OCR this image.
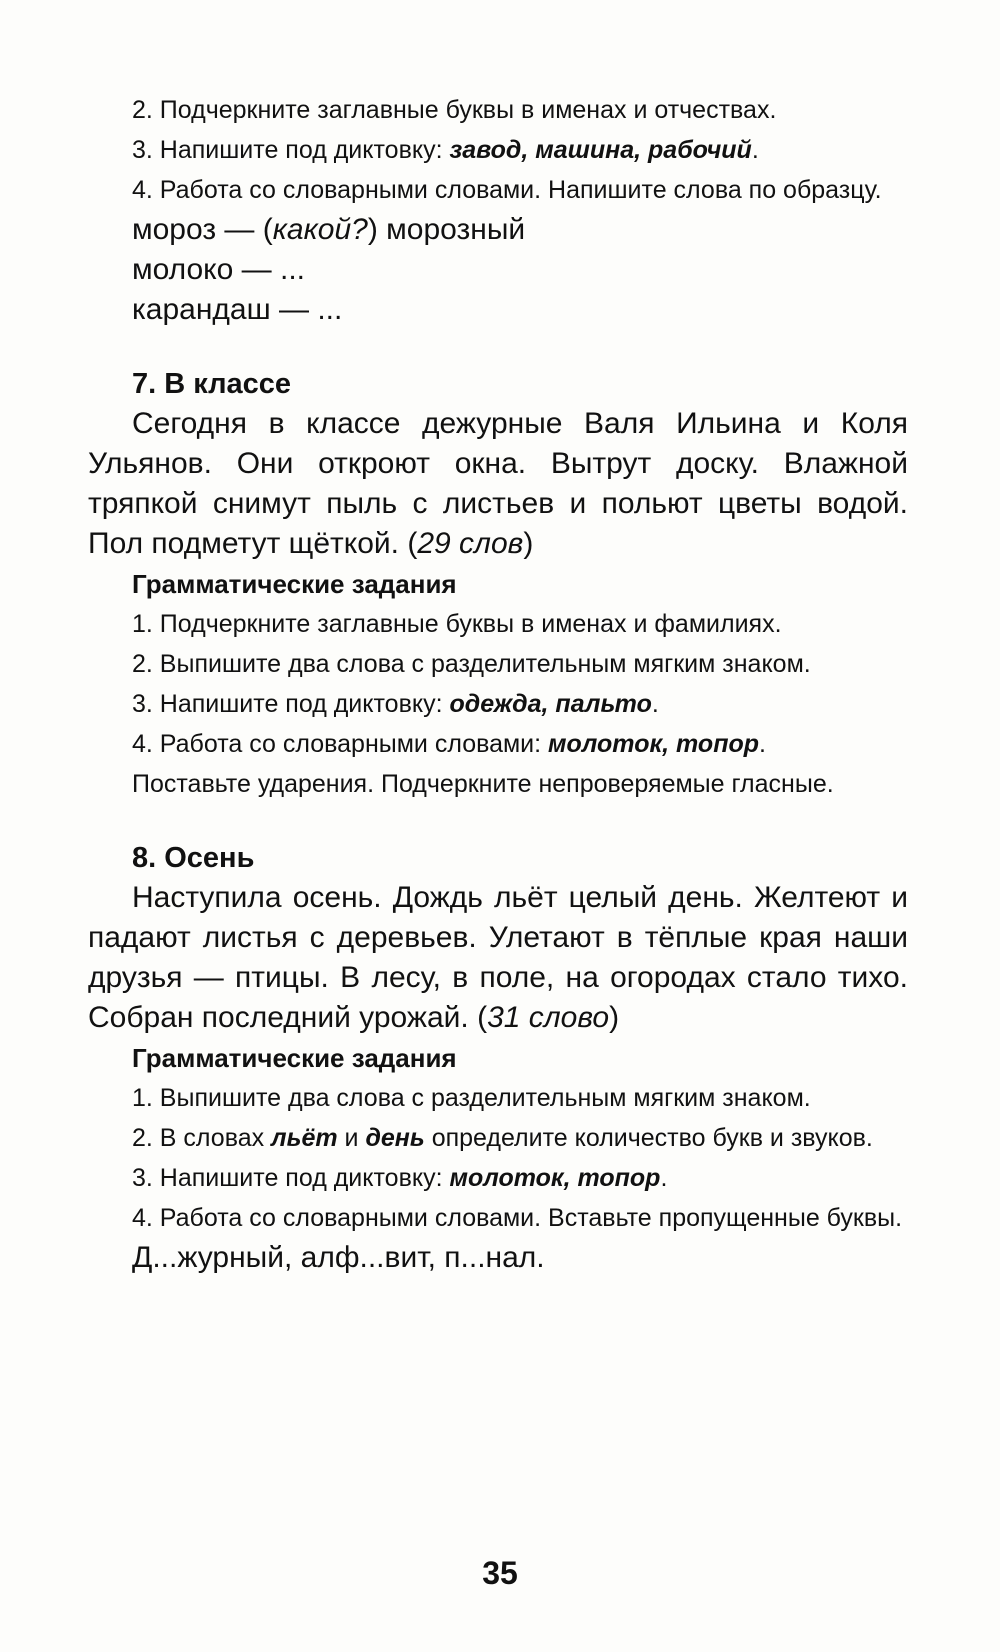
2. Подчеркните заглавные буквы в именах и отчествах.

3. Напишите под диктовку: завод, машина, рабочий.

4. Работа со словарными словами. Напишите слова по образцу.

мороз — (какой?) морозный

молоко — ...

карандаш — ...

7. В классе

Сегодня в классе дежурные Валя Ильина и Коля Ульянов. Они откроют окна. Вытрут доску. Влажной тряпкой снимут пыль с листьев и польют цветы водой. Пол подметут щёткой. (29 слов)

Грамматические задания

1. Подчеркните заглавные буквы в именах и фамилиях.

2. Выпишите два слова с разделительным мягким знаком.

3. Напишите под диктовку: одежда, пальто.

4. Работа со словарными словами: молоток, топор.

Поставьте ударения. Подчеркните непроверяемые гласные.

8. Осень

Наступила осень. Дождь льёт целый день. Желтеют и падают листья с деревьев. Улетают в тёплые края наши друзья — птицы. В лесу, в поле, на огородах стало тихо. Собран последний урожай. (31 слово)

Грамматические задания

1. Выпишите два слова с разделительным мягким знаком.

2. В словах льёт и день определите количество букв и звуков.

3. Напишите под диктовку: молоток, топор.

4. Работа со словарными словами. Вставьте пропущенные буквы.

Д...журный, алф...вит, п...нал.

35
